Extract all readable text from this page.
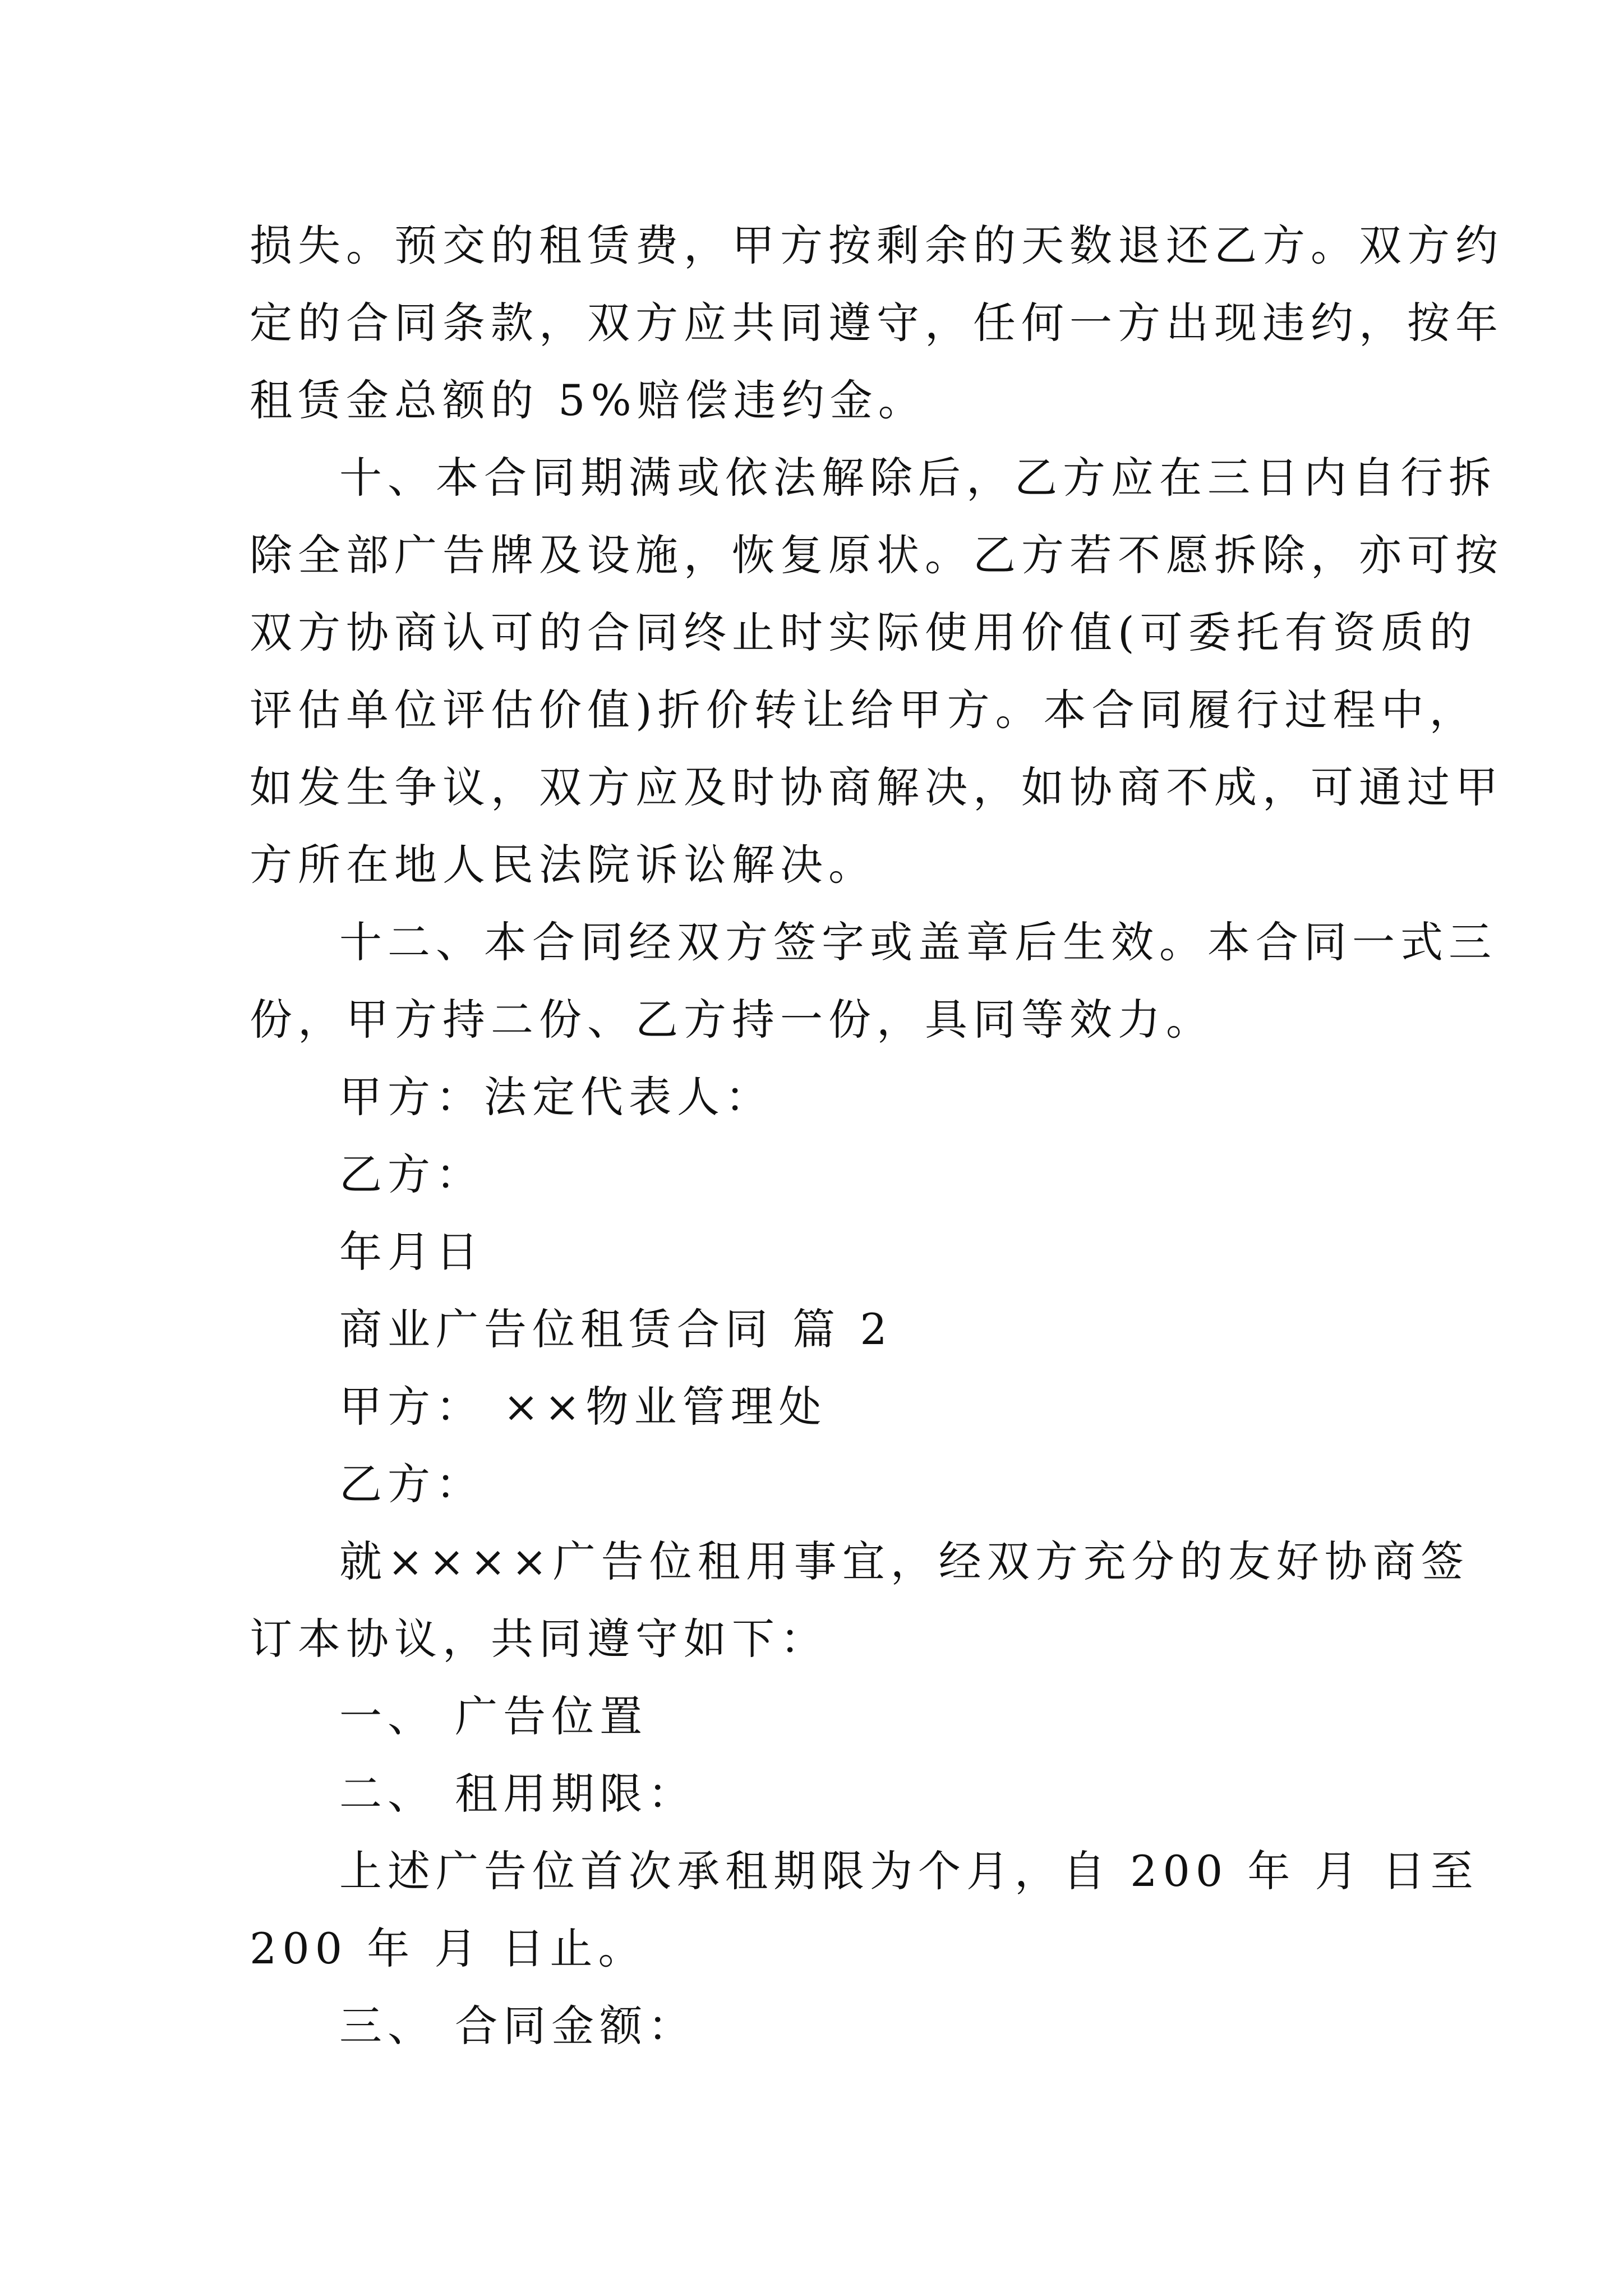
损失。预交的租赁费，甲方按剩余的天数退还乙方。双方约

定的合同条款，双方应共同遵守，任何一方出现违约，按年

租赁金总额的 5%赔偿违约金。

十、本合同期满或依法解除后，乙方应在三日内自行拆

除全部广告牌及设施，恢复原状。乙方若不愿拆除，亦可按

双方协商认可的合同终止时实际使用价值(可委托有资质的

评估单位评估价值)折价转让给甲方。本合同履行过程中，

如发生争议，双方应及时协商解决，如协商不成，可通过甲

方所在地人民法院诉讼解决。

十二、本合同经双方签字或盖章后生效。本合同一式三

份，甲方持二份、乙方持一份，具同等效力。

甲方：法定代表人：

乙方：

年月日

商业广告位租赁合同 篇 2

甲方： ××物业管理处

乙方：

就××××广告位租用事宜，经双方充分的友好协商签

订本协议，共同遵守如下：

一、 广告位置

二、 租用期限：

上述广告位首次承租期限为个月，自 200 年 月 日至

200 年 月 日止。

三、 合同金额：
